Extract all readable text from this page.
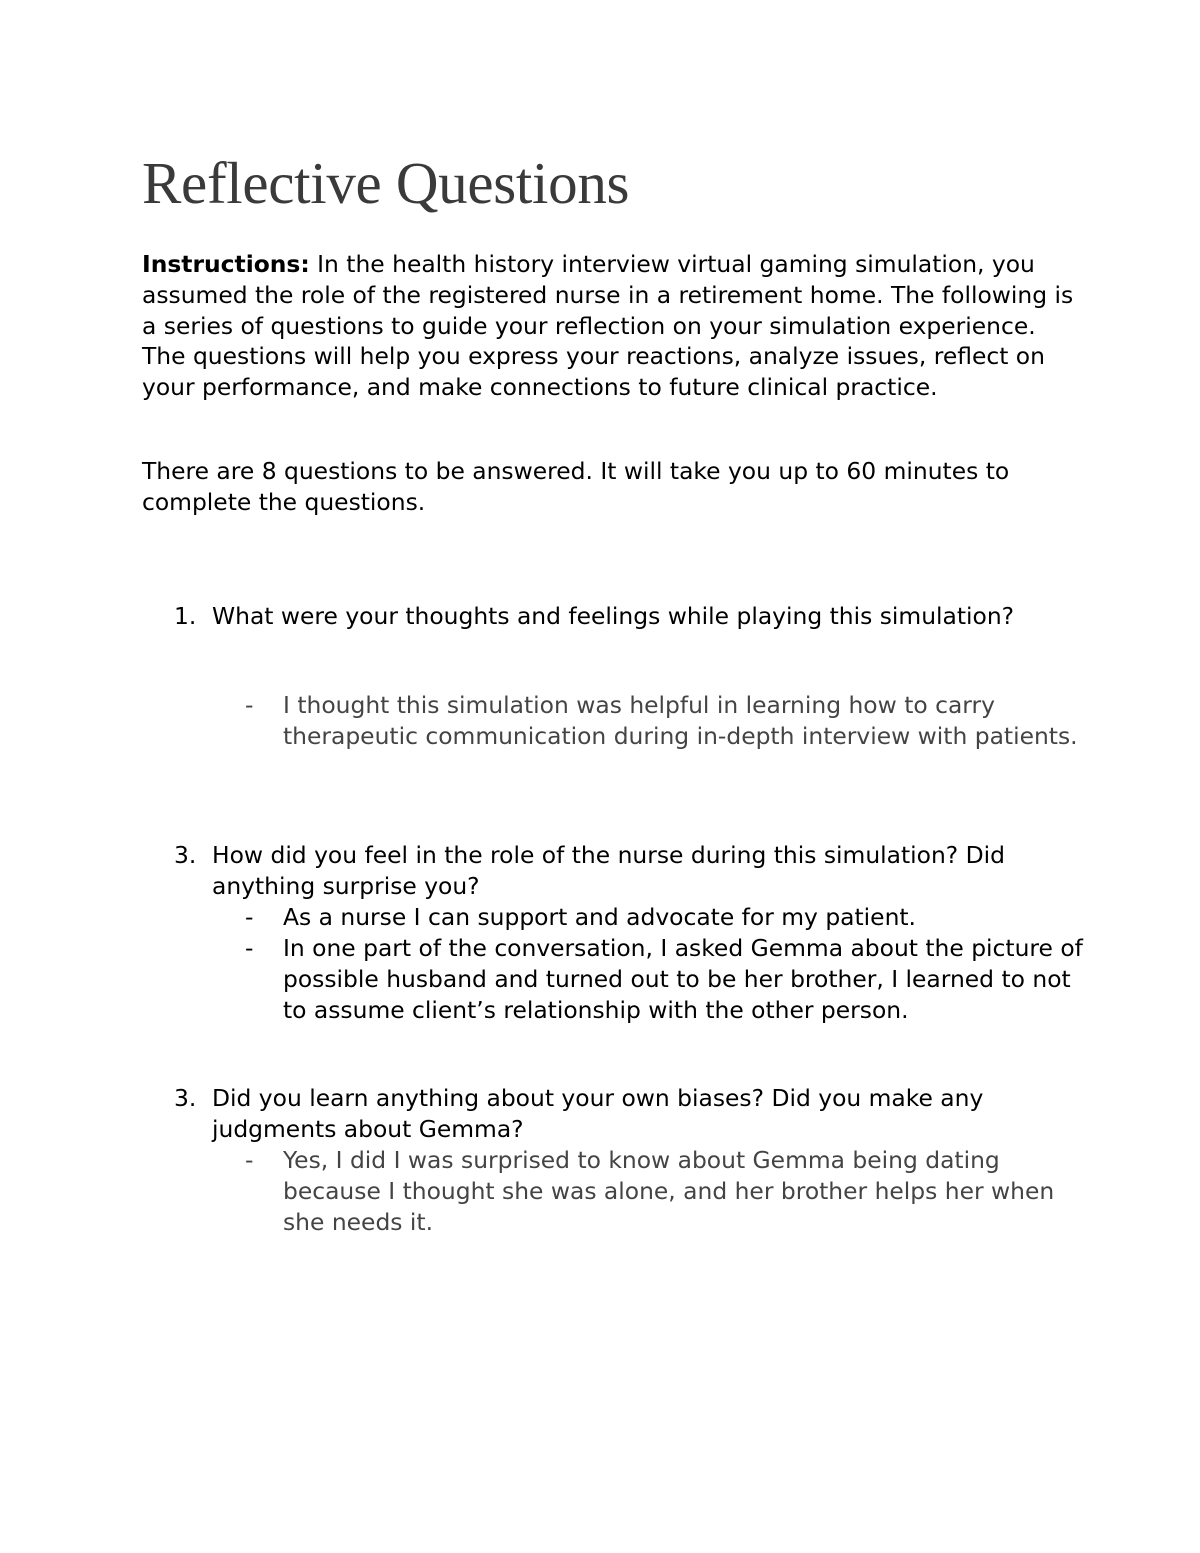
Reflective Questions

Instructions: In the health history interview virtual gaming simulation, you assumed the role of the registered nurse in a retirement home. The following is a series of questions to guide your reflection on your simulation experience. The questions will help you express your reactions, analyze issues, reflect on your performance, and make connections to future clinical practice.

There are 8 questions to be answered. It will take you up to 60 minutes to complete the questions.

1. What were your thoughts and feelings while playing this simulation?
-	I thought this simulation was helpful in learning how to carry therapeutic communication during in-depth interview with patients.
3. How did you feel in the role of the nurse during this simulation? Did anything surprise you?
-	As a nurse I can support and advocate for my patient.
-	In one part of the conversation, I asked Gemma about the picture of possible husband and turned out to be her brother, I learned to not to assume client’s relationship with the other person.
3. Did you learn anything about your own biases? Did you make any judgments about Gemma?
-	Yes, I did I was surprised to know about Gemma being dating because I thought she was alone, and her brother helps her when she needs it.
